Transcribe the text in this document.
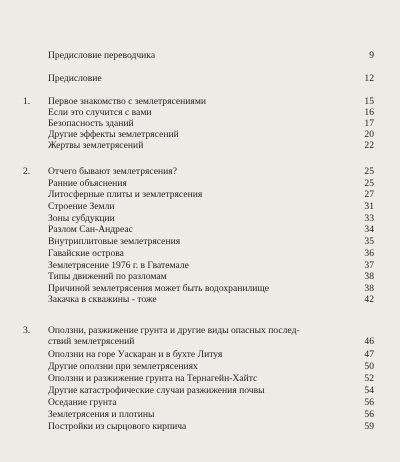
Предисловие переводчика	9
Предисловие	12
1. Первое знакомство с землетрясениями	15
Если это случится с вами	16
Безопасность зданий	17
Другие эффекты землетрясений	20
Жертвы землетрясений	22
2. Отчего бывают землетрясения?	25
Ранние объяснения	25
Литосферные плиты и землетрясения	27
Строение Земли	31
Зоны субдукции	33
Разлом Сан-Андреас	34
Внутриплитовые землетрясения	35
Гавайские острова	36
Землетрясение 1976 г. в Гватемале	37
Типы движений по разломам	38
Причиной землетрясения может быть водохранилище	38
Закачка в скважины - тоже	42
3. Оползни, разжижение грунта и другие виды опасных послед-
ствий землетрясений	46
Оползни на горе Уаскаран и в бухте Литуя	47
Другие оползни при землетрясениях	50
Оползни и разжижение грунта на Тернагейн-Хайтс	52
Другие катастрофические случаи разжижения почвы	54
Оседание грунта	56
Землетрясения и плотины	56
Постройки из сырцового кирпича	59
